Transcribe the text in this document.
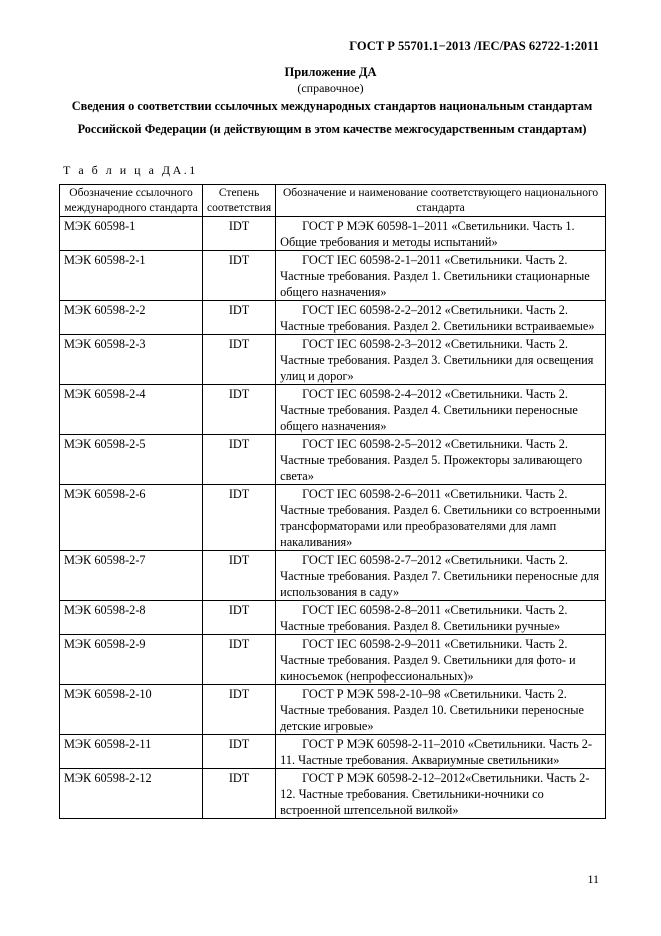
ГОСТ Р 55701.1−2013 /IEC/PAS 62722-1:2011
Приложение ДА
(справочное)
Сведения о соответствии ссылочных международных стандартов национальным стандартам Российской Федерации (и действующим в этом качестве межгосударственным стандартам)
Т а б л и ц а ДА.1
Обозначение ссылочного международного стандарта	Степень соответствия	Обозначение и наименование соответствующего национального стандарта
МЭК 60598-1	IDT	ГОСТ Р МЭК 60598-1–2011 «Светильники. Часть 1. Общие требования и методы испытаний»

МЭК 60598-2-1	IDT	ГОСТ IEC 60598-2-1–2011 «Светильники. Часть 2. Частные требования. Раздел 1. Светильники стационарные общего назначения»

МЭК 60598-2-2	IDT	ГОСТ IEC 60598-2-2–2012 «Светильники. Часть 2. Частные требования. Раздел 2. Светильники встраиваемые»

МЭК 60598-2-3	IDT	ГОСТ IEC 60598-2-3–2012 «Светильники. Часть 2. Частные требования. Раздел 3. Светильники для освещения улиц и дорог»

МЭК 60598-2-4	IDT	ГОСТ IEC 60598-2-4–2012 «Светильники. Часть 2. Частные требования. Раздел 4. Светильники переносные общего назначения»

МЭК 60598-2-5	IDT	ГОСТ IEC 60598-2-5–2012 «Светильники. Часть 2. Частные требования. Раздел 5. Прожекторы заливающего света»

МЭК 60598-2-6	IDT	ГОСТ IEC 60598-2-6–2011 «Светильники. Часть 2. Частные требования. Раздел 6. Светильники со встроенными трансформаторами или преобразователями для ламп накаливания»

МЭК 60598-2-7	IDT	ГОСТ IEC 60598-2-7–2012 «Светильники. Часть 2. Частные требования. Раздел 7. Светильники переносные для использования в саду»

МЭК 60598-2-8	IDT	ГОСТ IEC 60598-2-8–2011 «Светильники. Часть 2. Частные требования. Раздел 8. Светильники ручные»

МЭК 60598-2-9	IDT	ГОСТ IEC 60598-2-9–2011 «Светильники. Часть 2. Частные требования. Раздел 9. Светильники для фото- и киносъемок (непрофессиональных)»

МЭК 60598-2-10	IDT	ГОСТ Р МЭК 598-2-10–98 «Светильники. Часть 2. Частные требования. Раздел 10. Светильники переносные детские игровые»

МЭК 60598-2-11	IDT	ГОСТ Р МЭК 60598-2-11–2010 «Светильники. Часть 2-11. Частные требования. Аквариумные светильники»

МЭК 60598-2-12	IDT	ГОСТ Р МЭК 60598-2-12–2012«Светильники. Часть 2-12. Частные требования. Светильники-ночники со встроенной штепсельной вилкой»
11
